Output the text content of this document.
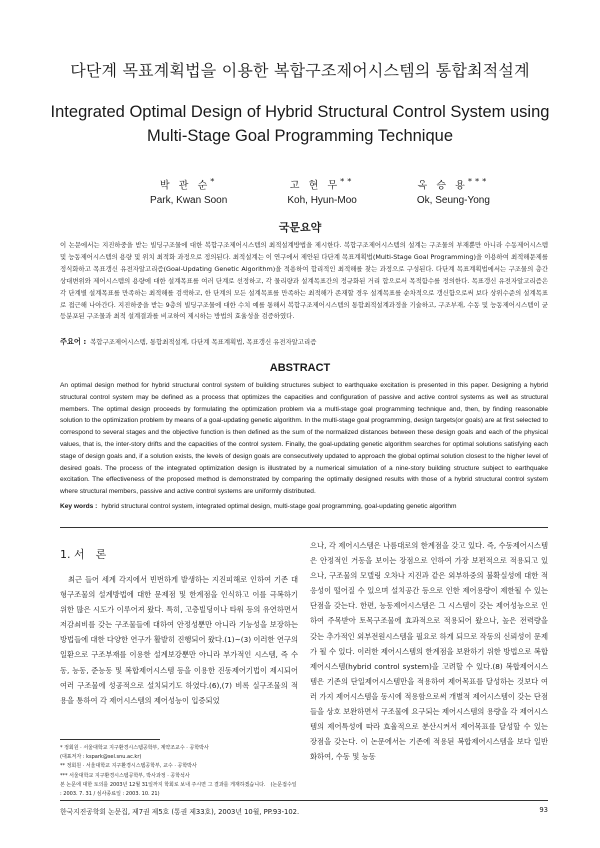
다단계 목표계획법을 이용한 복합구조제어시스템의 통합최적설계
Integrated Optimal Design of Hybrid Structural Control System using
Multi-Stage Goal Programming Technique
박 관 순*
Park, Kwan Soon
고 현 무**
Koh, Hyun-Moo
옥 승 용***
Ok, Seung-Yong
국문요약
이 논문에서는 지진하중을 받는 빌딩구조물에 대한 복합구조제어시스템의 최적설계방법을 제시한다. 복합구조제어시스템의 설계는 구조물의 부재뿐만 아니라 수동제어시스템 및 능동제어시스템의 용량 및 위치 최적화 과정으로 정의된다. 최적설계는 이 연구에서 제안된 다단계 목표계획법(Multi-Stage Goal Programming)을 이용하여 최적해문제를 정식화하고 목표갱신 유전자알고리즘(Goal-Updating Genetic Algorithm)을 적용하여 합리적인 최적해를 찾는 과정으로 구성된다. 다단계 목표계획법에서는 구조물의 층간 상대변위와 제어시스템의 용량에 대한 설계목표를 여러 단계로 선정하고, 각 물리량과 설계목표간의 정규화된 거리 합으로서 목적함수를 정의한다. 목표갱신 유전자알고리즘은 각 단계별 설계목표를 만족하는 최적해를 검색하고, 한 단계의 모든 설계목표를 만족하는 최적해가 존재할 경우 설계목표를 순차적으로 갱신함으로써 보다 상위수준의 설계목표로 접근해 나아간다. 지진하중을 받는 9층의 빌딩구조물에 대한 수치 예를 통해서 복합구조제어시스템의 통합최적설계과정을 기술하고, 구조부재, 수동 및 능동제어시스템이 균등분포된 구조물과 최적 설계결과를 비교하여 제시하는 방법의 효율성을 검증하였다.
주요어 : 복합구조제어시스템, 통합최적설계, 다단계 목표계획법, 목표갱신 유전자알고리즘
ABSTRACT
An optimal design method for hybrid structural control system of building structures subject to earthquake excitation is presented in this paper. Designing a hybrid structural control system may be defined as a process that optimizes the capacities and configuration of passive and active control systems as well as structural members. The optimal design proceeds by formulating the optimization problem via a multi-stage goal programming technique and, then, by finding reasonable solution to the optimization problem by means of a goal-updating genetic algorithm. In the multi-stage goal programming, design targets(or goals) are at first selected to correspond to several stages and the objective function is then defined as the sum of the normalized distances between these design goals and each of the physical values, that is, the inter-story drifts and the capacities of the control system. Finally, the goal-updating genetic algorithm searches for optimal solutions satisfying each stage of design goals and, if a solution exists, the levels of design goals are consecutively updated to approach the global optimal solution closest to the higher level of desired goals. The process of the integrated optimization design is illustrated by a numerical simulation of a nine-story building structure subject to earthquake excitation. The effectiveness of the proposed method is demonstrated by comparing the optimally designed results with those of a hybrid structural control system where structural members, passive and active control systems are uniformly distributed.
Key words : hybrid structural control system, integrated optimal design, multi-stage goal programming, goal-updating genetic algorithm
1. 서　론
최근 들어 세계 각지에서 빈번하게 발생하는 지진피해로 인하여 기존 대형구조물의 설계방법에 대한 문제점 및 한계점을 인식하고 이를 극복하기 위한 많은 시도가 이루어져 왔다. 특히, 고층빌딩이나 타워 등의 유연하면서 저감쇠비를 갖는 구조물들에 대하여 안정성뿐만 아니라 기능성을 보장하는 방법들에 대한 다양한 연구가 활발히 진행되어 왔다.(1)~(3) 이러한 연구의 일환으로 구조부재를 이용한 설계보강뿐만 아니라 부가적인 시스템, 즉 수동, 능동, 준능동 및 복합제어시스템 등을 이용한 진동제어기법이 제시되어 여러 구조물에 성공적으로 설치되기도 하였다.(6),(7) 비록 실구조물의 적용을 통하여 각 제어시스템의 제어성능이 입증되었
으나, 각 제어시스템은 나름대로의 한계점을 갖고 있다. 즉, 수동제어시스템은 안정적인 거동을 보이는 장점으로 인하여 가장 보편적으로 적용되고 있으나, 구조물의 모델링 오차나 지진과 같은 외부하중의 불확실성에 대한 적응성이 떨어질 수 있으며 설치공간 등으로 인한 제어용량이 제한될 수 있는 단점을 갖는다. 한편, 능동제어시스템은 그 시스템이 갖는 제어성능으로 인하여 주목받아 토목구조물에 효과적으로 적용되어 왔으나, 높은 전력량을 갖는 추가적인 외부전원시스템을 필요로 하게 되므로 작동의 신뢰성이 문제가 될 수 있다. 이러한 제어시스템의 한계점을 보완하기 위한 방법으로 복합제어시스템(hybrid control system)을 고려할 수 있다.(8) 복합제어시스템은 기존의 단일제어시스템만을 적용하여 제어목표를 달성하는 것보다 여러 가지 제어시스템을 동시에 적용함으로써 개별적 제어시스템이 갖는 단점들을 상호 보완하면서 구조물에 요구되는 제어시스템의 용량을 각 제어시스템의 제어특성에 따라 효율적으로 분산시켜서 제어목표를 달성할 수 있는 장점을 갖는다. 이 논문에서는 기존에 적용된 복합제어시스템을 보다 일반화하여, 수동 및 능동
* 정회원 · 서울대학교 지구환경시스템공학부, 계약조교수 · 공학박사
(대표저자 : kspark@sel.snu.ac.kr)
** 정회원 · 서울대학교 지구환경시스템공학부, 교수 · 공학박사
*** 서울대학교 지구환경시스템공학부, 박사과정 · 공학석사
본 논문에 대한 토의를 2003년 12월 31일까지 학회로 보내 주시면 그 결과를 게재하겠습니다.　(논문접수일 : 2003. 7. 31 / 심사종료일 : 2003. 10. 21)
한국지진공학회 논문집, 제7권 제5호 (통권 제33호), 2003년 10월, PP.93-102.	93
